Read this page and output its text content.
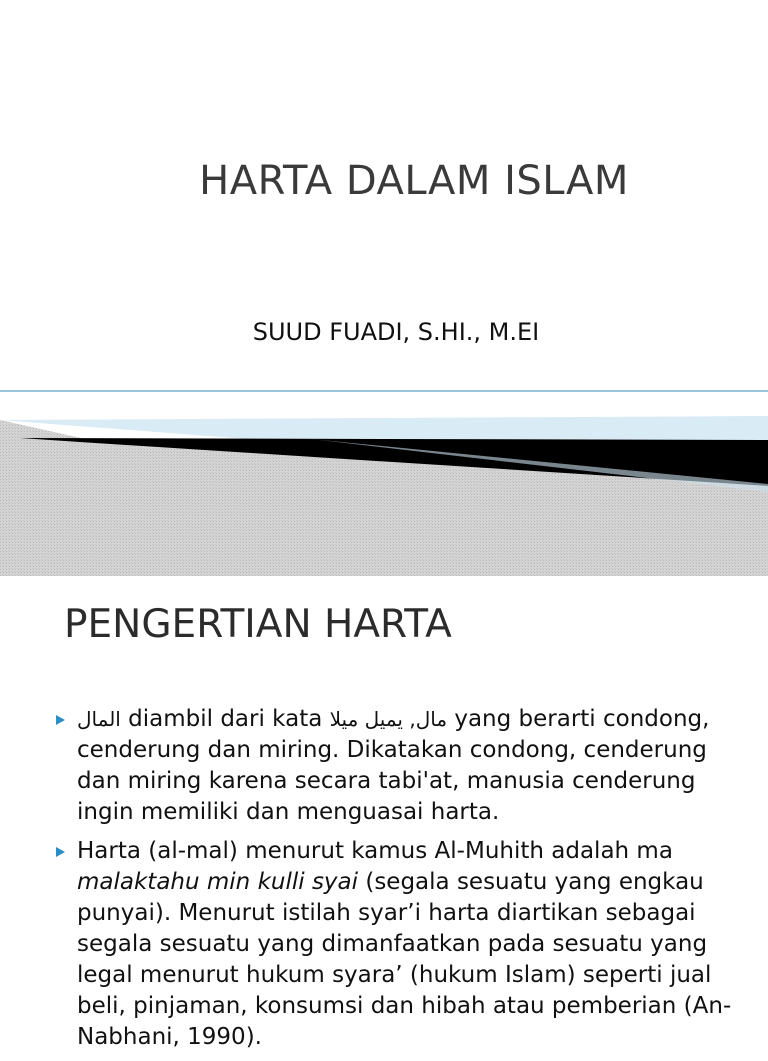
HARTA DALAM ISLAM
SUUD FUADI, S.HI., M.EI
PENGERTIAN HARTA
المال diambil dari kata مال, يميل ميلا yang berarti condong, cenderung dan miring. Dikatakan condong, cenderung dan miring karena secara tabi'at, manusia cenderung ingin memiliki dan menguasai harta.
Harta (al-mal) menurut kamus Al-Muhith adalah ma malaktahu min kulli syai (segala sesuatu yang engkau punyai). Menurut istilah syar’i harta diartikan sebagai segala sesuatu yang dimanfaatkan pada sesuatu yang legal menurut hukum syara’ (hukum Islam) seperti jual beli, pinjaman, konsumsi dan hibah atau pemberian (An-Nabhani, 1990).
